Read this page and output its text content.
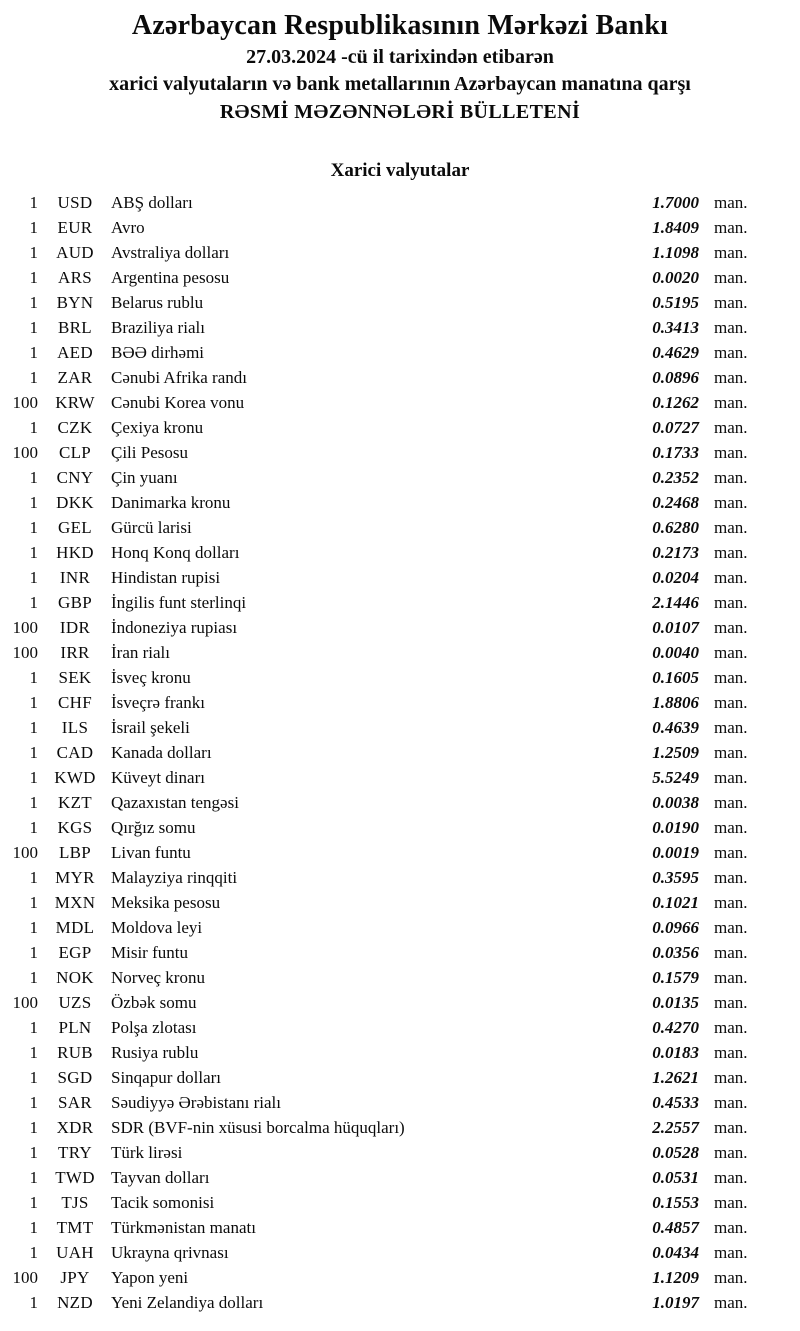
Azərbaycan Respublikasının Mərkəzi Bankı
27.03.2024 -cü il tarixindən etibarən
xarici valyutaların və bank metallarının Azərbaycan manatına qarşı
RƏSMİ MƏZƏNNƏLƏRİ BÜLLETENİ
Xarici valyutalar
1	USD	ABŞ dolları	1.7000 man.
1	EUR	Avro	1.8409 man.
1	AUD	Avstraliya dolları	1.1098 man.
1	ARS	Argentina pesosu	0.0020 man.
1	BYN	Belarus rublu	0.5195 man.
1	BRL	Braziliya rialı	0.3413 man.
1	AED	BƏƏ dirhəmi	0.4629 man.
1	ZAR	Cənubi Afrika randı	0.0896 man.
100	KRW Cənubi Korea vonu	0.1262 man.
1	CZK	Çexiya kronu	0.0727 man.
100	CLP	Çili Pesosu	0.1733 man.
1	CNY	Çin yuanı	0.2352 man.
1	DKK	Danimarka kronu	0.2468 man.
1	GEL	Gürcü larisi	0.6280 man.
1	HKD	Honq Konq dolları	0.2173 man.
1	INR	Hindistan rupisi	0.0204 man.
1	GBP	İngilis funt sterlinqi	2.1446 man.
100	IDR	İndoneziya rupiası	0.0107 man.
100	IRR	İran rialı	0.0040 man.
1	SEK	İsveç kronu	0.1605 man.
1	CHF	İsveçrə frankı	1.8806 man.
1	ILS	İsrail şekeli	0.4639 man.
1	CAD	Kanada dolları	1.2509 man.
1 KWD Küveyt dinarı	5.5249 man.
1	KZT	Qazaxıstan tengəsi	0.0038 man.
1	KGS	Qırğız somu	0.0190 man.
100	LBP	Livan funtu	0.0019 man.
1	MYR Malayziya rinqqiti	0.3595 man.
1 MXN Meksika pesosu	0.1021 man.
1	MDL Moldova leyi	0.0966 man.
1	EGP	Misir funtu	0.0356 man.
1	NOK	Norveç kronu	0.1579 man.
100	UZS	Özbək somu	0.0135 man.
1	PLN	Polşa zlotası	0.4270 man.
1	RUB	Rusiya rublu	0.0183 man.
1	SGD	Sinqapur dolları	1.2621 man.
1	SAR	Səudiyyə Ərəbistanı rialı	0.4533 man.
1	XDR	SDR (BVF-nin xüsusi borcalma hüquqları)	2.2557 man.
1	TRY	Türk lirəsi	0.0528 man.
1	TWD Tayvan dolları	0.0531 man.
1	TJS	Tacik somonisi	0.1553 man.
1	TMT	Türkmənistan manatı	0.4857 man.
1	UAH	Ukrayna qrivnası	0.0434 man.
100	JPY	Yapon yeni	1.1209 man.
1	NZD	Yeni Zelandiya dolları	1.0197 man.
